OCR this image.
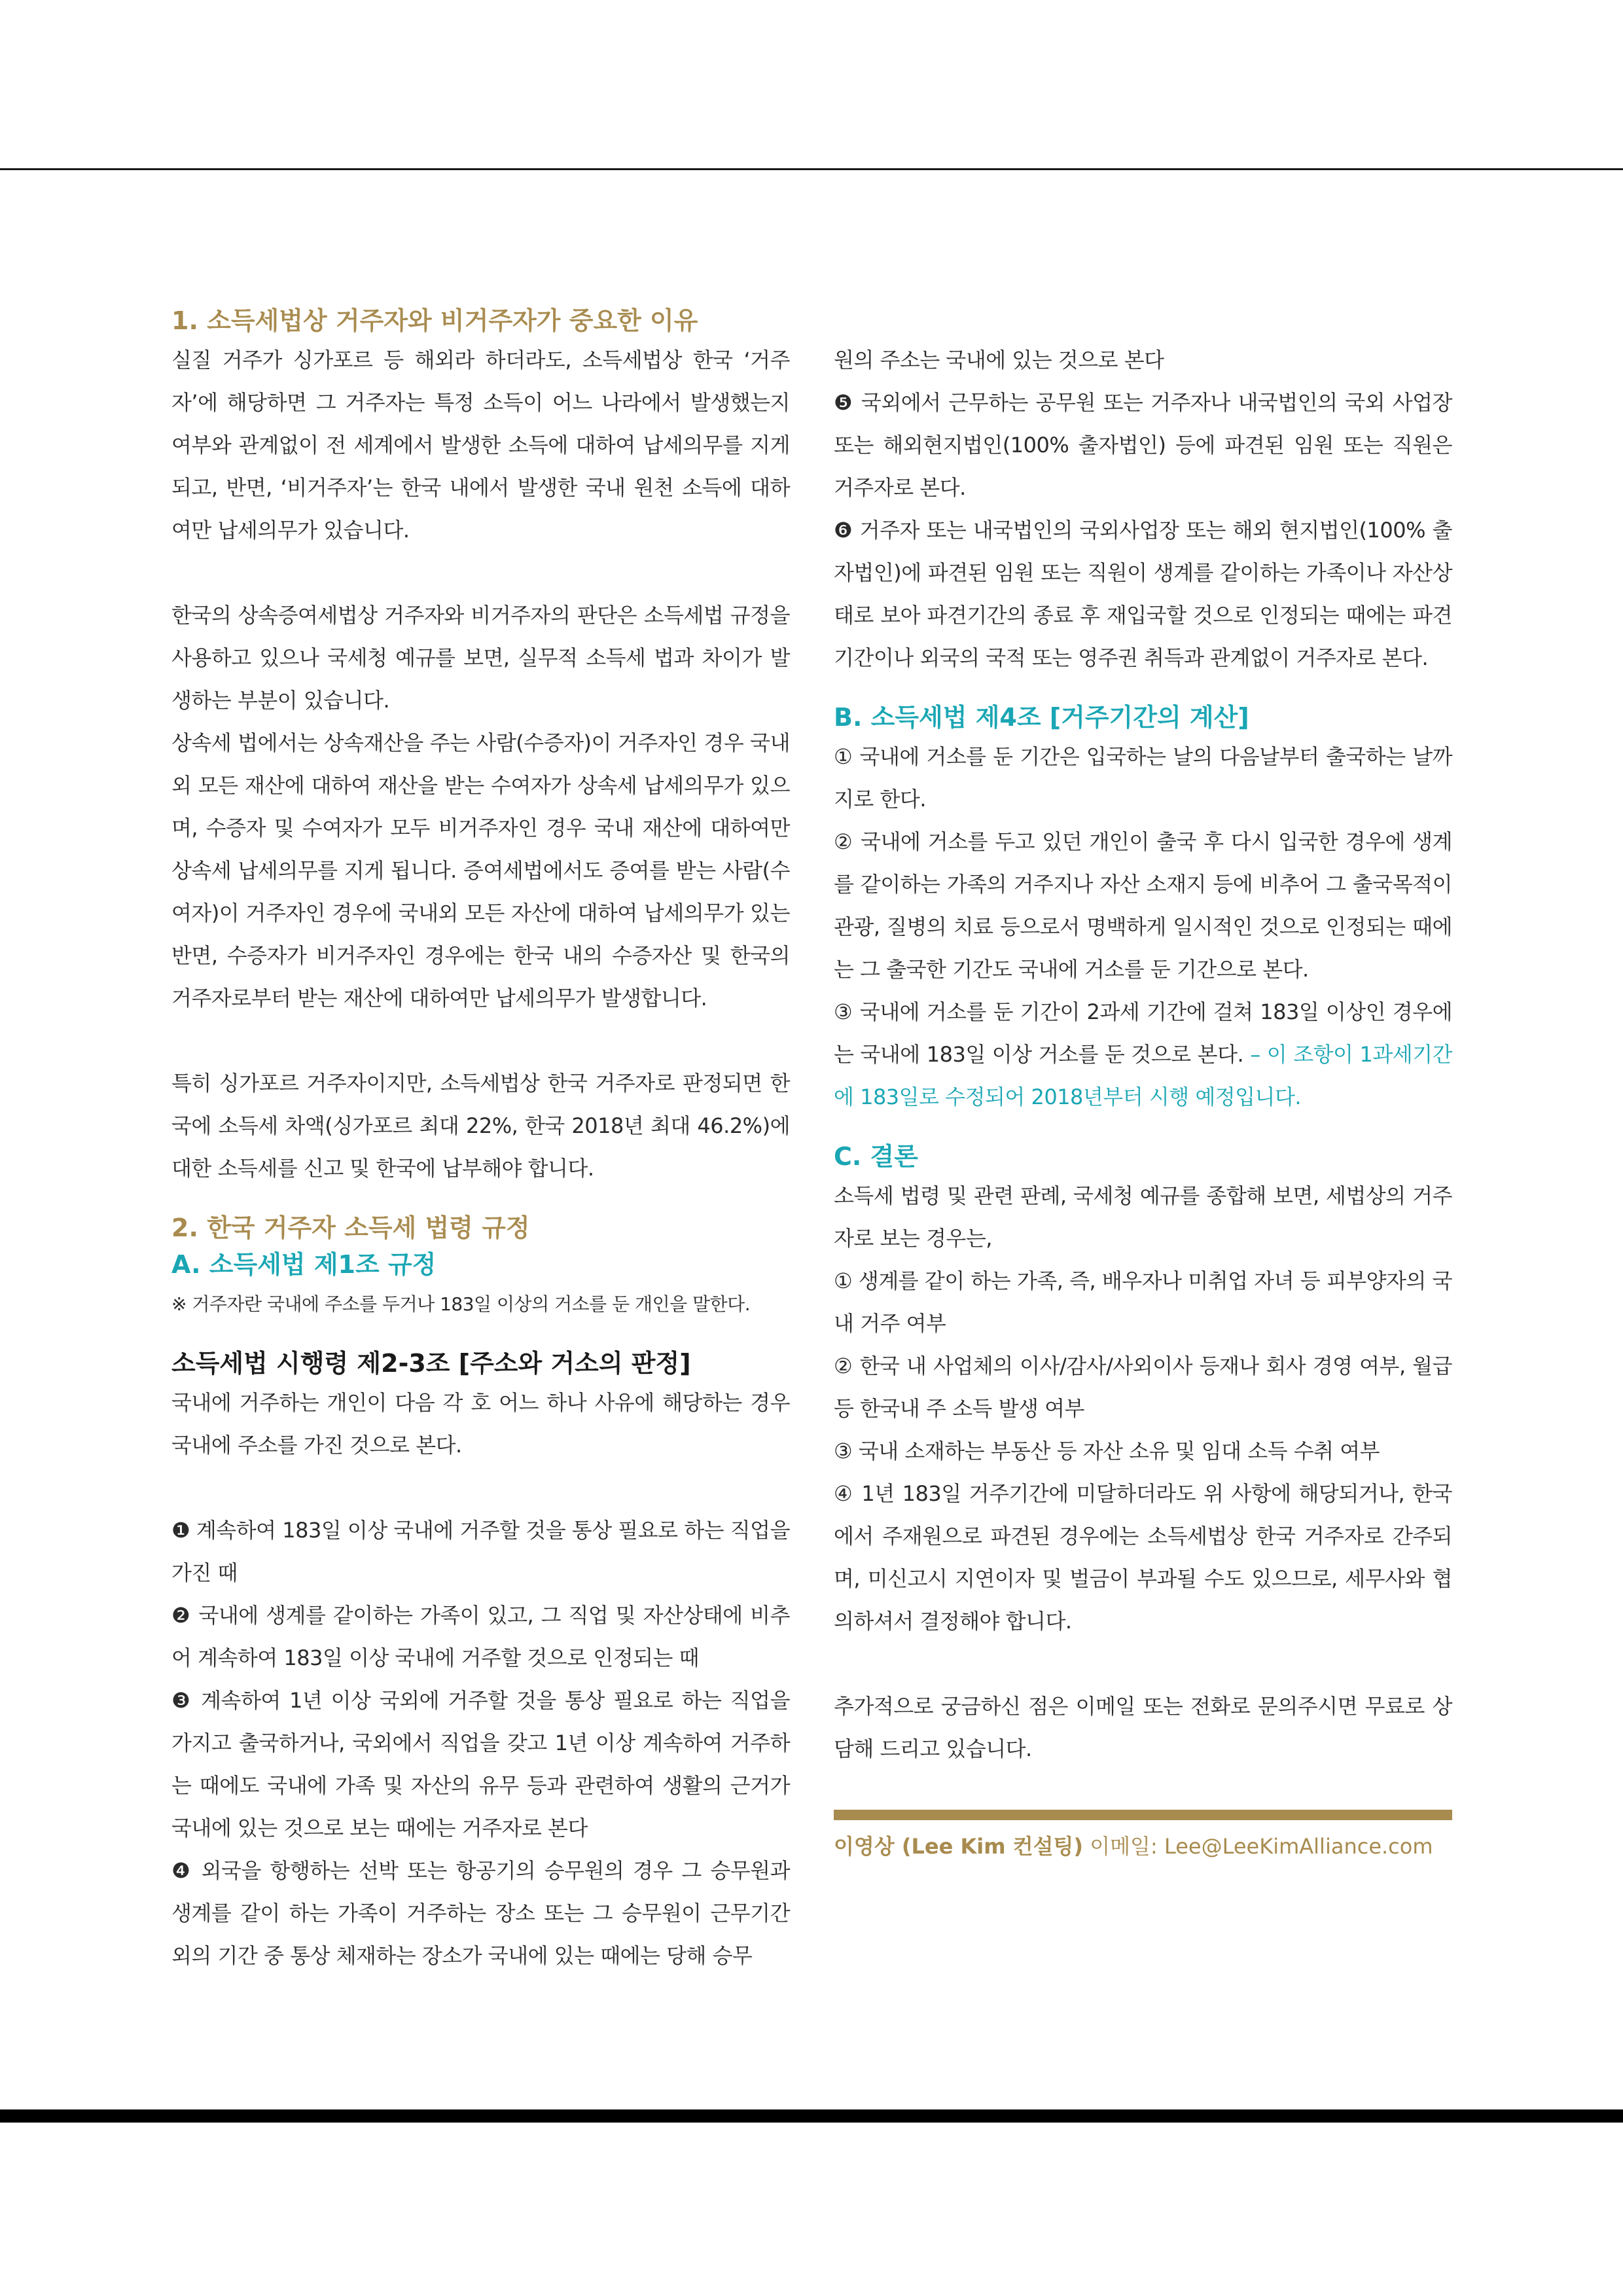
1. 소득세법상 거주자와 비거주자가 중요한 이유

실질 거주가 싱가포르 등 해외라 하더라도, 소득세법상 한국 ‘거주자’에 해당하면 그 거주자는 특정 소득이 어느 나라에서 발생했는지 여부와 관계없이 전 세계에서 발생한 소득에 대하여 납세의무를 지게 되고, 반면, ‘비거주자’는 한국 내에서 발생한 국내 원천 소득에 대하여만 납세의무가 있습니다.

한국의 상속증여세법상 거주자와 비거주자의 판단은 소득세법 규정을 사용하고 있으나 국세청 예규를 보면, 실무적 소득세 법과 차이가 발생하는 부분이 있습니다.

상속세 법에서는 상속재산을 주는 사람(수증자)이 거주자인 경우 국내외 모든 재산에 대하여 재산을 받는 수여자가 상속세 납세의무가 있으며, 수증자 및 수여자가 모두 비거주자인 경우 국내 재산에 대하여만 상속세 납세의무를 지게 됩니다. 증여세법에서도 증여를 받는 사람(수여자)이 거주자인 경우에 국내외 모든 자산에 대하여 납세의무가 있는 반면, 수증자가 비거주자인 경우에는 한국 내의 수증자산 및 한국의 거주자로부터 받는 재산에 대하여만 납세의무가 발생합니다.

특히 싱가포르 거주자이지만, 소득세법상 한국 거주자로 판정되면 한국에 소득세 차액(싱가포르 최대 22%, 한국 2018년 최대 46.2%)에 대한 소득세를 신고 및 한국에 납부해야 합니다.

2. 한국 거주자 소득세 법령 규정
A. 소득세법 제1조 규정

※ 거주자란 국내에 주소를 두거나 183일 이상의 거소를 둔 개인을 말한다.

소득세법 시행령 제2-3조 [주소와 거소의 판정]

국내에 거주하는 개인이 다음 각 호 어느 하나 사유에 해당하는 경우 국내에 주소를 가진 것으로 본다.

❶ 계속하여 183일 이상 국내에 거주할 것을 통상 필요로 하는 직업을 가진 때

❷ 국내에 생계를 같이하는 가족이 있고, 그 직업 및 자산상태에 비추어 계속하여 183일 이상 국내에 거주할 것으로 인정되는 때

❸ 계속하여 1년 이상 국외에 거주할 것을 통상 필요로 하는 직업을 가지고 출국하거나, 국외에서 직업을 갖고 1년 이상 계속하여 거주하는 때에도 국내에 가족 및 자산의 유무 등과 관련하여 생활의 근거가 국내에 있는 것으로 보는 때에는 거주자로 본다

❹ 외국을 항행하는 선박 또는 항공기의 승무원의 경우 그 승무원과 생계를 같이 하는 가족이 거주하는 장소 또는 그 승무원이 근무기간 외의 기간 중 통상 체재하는 장소가 국내에 있는 때에는 당해 승무

원의 주소는 국내에 있는 것으로 본다

❺ 국외에서 근무하는 공무원 또는 거주자나 내국법인의 국외 사업장 또는 해외현지법인(100% 출자법인) 등에 파견된 임원 또는 직원은 거주자로 본다.

❻ 거주자 또는 내국법인의 국외사업장 또는 해외 현지법인(100% 출자법인)에 파견된 임원 또는 직원이 생계를 같이하는 가족이나 자산상태로 보아 파견기간의 종료 후 재입국할 것으로 인정되는 때에는 파견기간이나 외국의 국적 또는 영주권 취득과 관계없이 거주자로 본다.

B. 소득세법 제4조 [거주기간의 계산]

① 국내에 거소를 둔 기간은 입국하는 날의 다음날부터 출국하는 날까지로 한다.

② 국내에 거소를 두고 있던 개인이 출국 후 다시 입국한 경우에 생계를 같이하는 가족의 거주지나 자산 소재지 등에 비추어 그 출국목적이 관광, 질병의 치료 등으로서 명백하게 일시적인 것으로 인정되는 때에는 그 출국한 기간도 국내에 거소를 둔 기간으로 본다.

③ 국내에 거소를 둔 기간이 2과세 기간에 걸쳐 183일 이상인 경우에는 국내에 183일 이상 거소를 둔 것으로 본다. – 이 조항이 1과세기간에 183일로 수정되어 2018년부터 시행 예정입니다.

C. 결론

소득세 법령 및 관련 판례, 국세청 예규를 종합해 보면, 세법상의 거주자로 보는 경우는,

① 생계를 같이 하는 가족, 즉, 배우자나 미취업 자녀 등 피부양자의 국내 거주 여부

② 한국 내 사업체의 이사/감사/사외이사 등재나 회사 경영 여부, 월급 등 한국내 주 소득 발생 여부

③ 국내 소재하는 부동산 등 자산 소유 및 임대 소득 수취 여부

④ 1년 183일 거주기간에 미달하더라도 위 사항에 해당되거나, 한국에서 주재원으로 파견된 경우에는 소득세법상 한국 거주자로 간주되며, 미신고시 지연이자 및 벌금이 부과될 수도 있으므로, 세무사와 협의하셔서 결정해야 합니다.

추가적으로 궁금하신 점은 이메일 또는 전화로 문의주시면 무료로 상담해 드리고 있습니다.

이영상 (Lee Kim 컨설팅) 이메일: Lee@LeeKimAlliance.com
